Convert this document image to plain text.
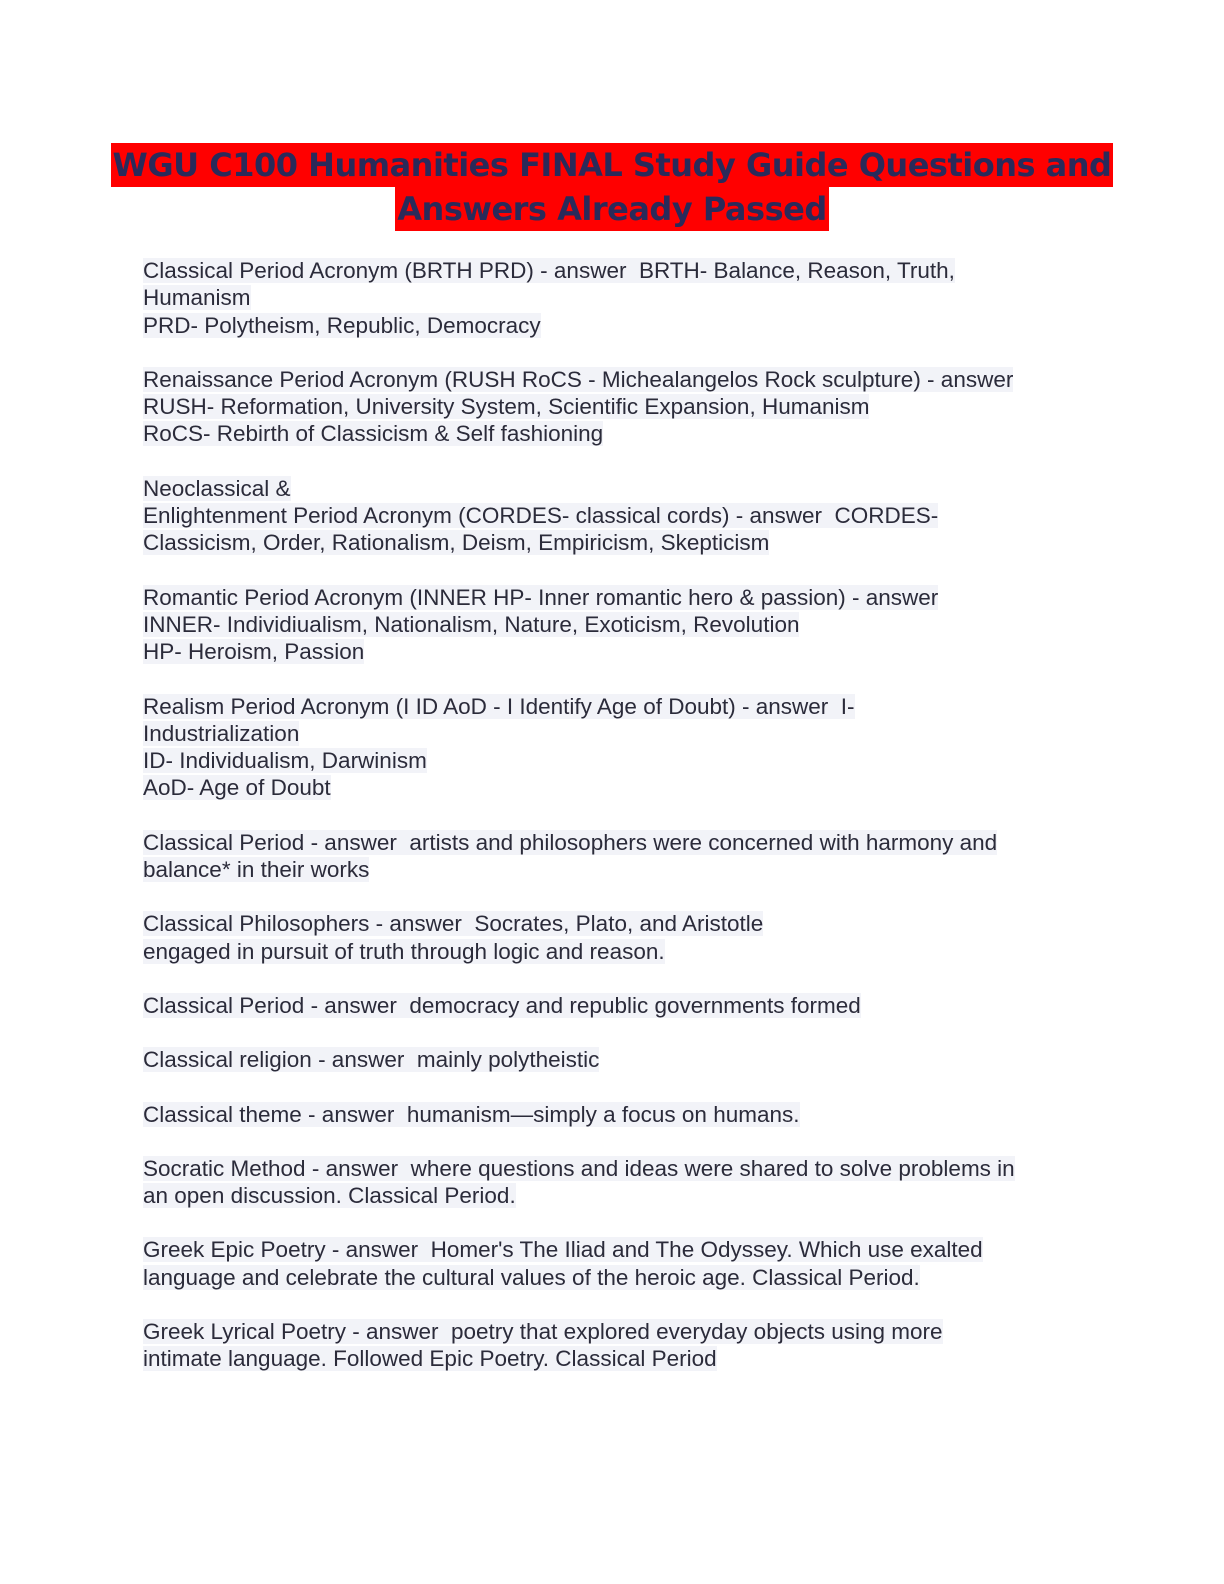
WGU C100 Humanities FINAL Study Guide Questions and
Answers Already Passed
Classical Period Acronym (BRTH PRD) - answer  BRTH- Balance, Reason, Truth,
Humanism
PRD- Polytheism, Republic, Democracy
Renaissance Period Acronym (RUSH RoCS - Michealangelos Rock sculpture) - answer
RUSH- Reformation, University System, Scientific Expansion, Humanism
RoCS- Rebirth of Classicism & Self fashioning
Neoclassical &
Enlightenment Period Acronym (CORDES- classical cords) - answer  CORDES-
Classicism, Order, Rationalism, Deism, Empiricism, Skepticism
Romantic Period Acronym (INNER HP- Inner romantic hero & passion) - answer
INNER- Individiualism, Nationalism, Nature, Exoticism, Revolution
HP- Heroism, Passion
Realism Period Acronym (I ID AoD - I Identify Age of Doubt) - answer  I-
Industrialization
ID- Individualism, Darwinism
AoD- Age of Doubt
Classical Period - answer  artists and philosophers were concerned with harmony and
balance* in their works
Classical Philosophers - answer  Socrates, Plato, and Aristotle
engaged in pursuit of truth through logic and reason.
Classical Period - answer  democracy and republic governments formed
Classical religion - answer  mainly polytheistic
Classical theme - answer  humanism—simply a focus on humans.
Socratic Method - answer  where questions and ideas were shared to solve problems in
an open discussion. Classical Period.
Greek Epic Poetry - answer  Homer's The Iliad and The Odyssey. Which use exalted
language and celebrate the cultural values of the heroic age. Classical Period.
Greek Lyrical Poetry - answer  poetry that explored everyday objects using more
intimate language. Followed Epic Poetry. Classical Period
